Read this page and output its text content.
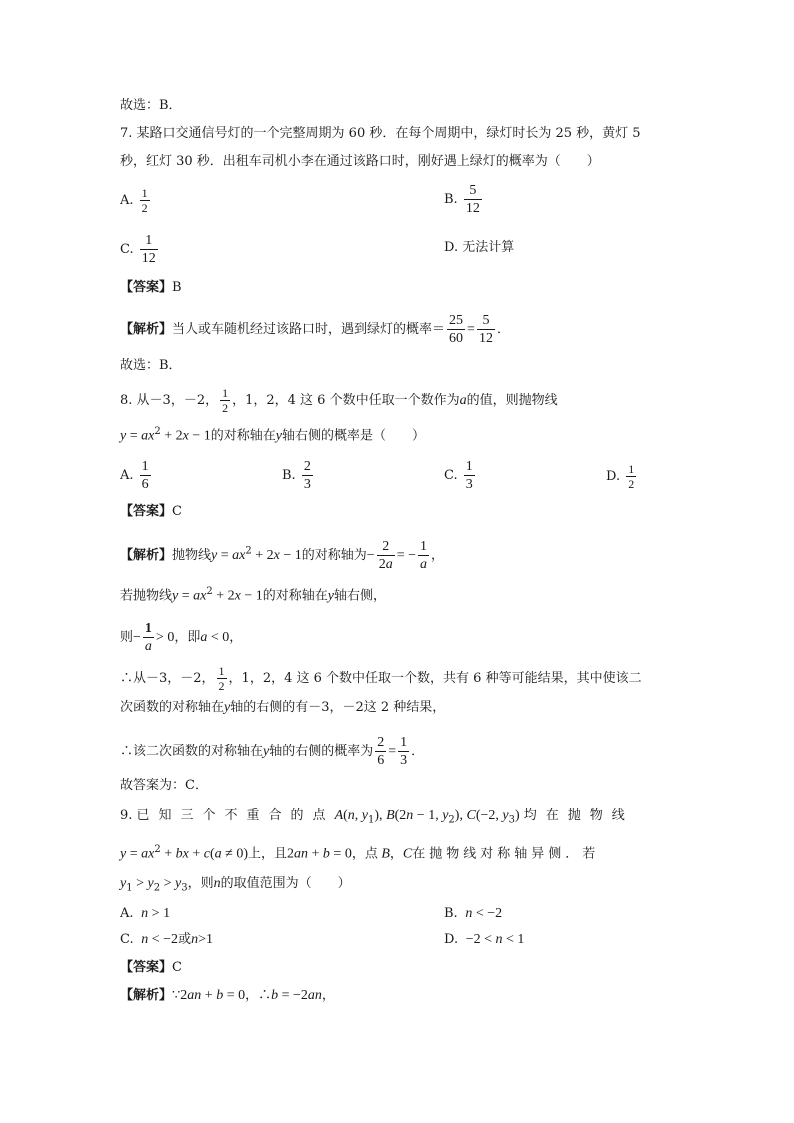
故选：B．
7. 某路口交通信号灯的一个完整周期为 60 秒．在每个周期中，绿灯时长为 25 秒，黄灯 5
秒，红灯 30 秒．出租车司机小李在通过该路口时，刚好遇上绿灯的概率为（　　）
A. $\frac{1}{2}$	B. $\frac{5}{12}$
C. $\frac{1}{12}$	D. 无法计算
【答案】B
【解析】当人或车随机经过该路口时，遇到绿灯的概率＝ $\frac{25}{60} = \frac{5}{12}$ ．
故选：B．
8. 从－3，－2， $\frac{1}{2}$ ，1，2，4 这 6 个数中任取一个数作为a的值，则抛物线
$y = ax^2 + 2x - 1$的对称轴在y轴右侧的概率是（　　）
A. $\frac{1}{6}$	B. $\frac{2}{3}$	C. $\frac{1}{3}$	D. $\frac{1}{2}$
【答案】C
【解析】抛物线$y = ax^2 + 2x - 1$的对称轴为− $\frac{2}{2a}$ = − $\frac{1}{a}$ ，
若抛物线$y = ax^2 + 2x - 1$的对称轴在y轴右侧，
则− $\frac{1}{a} > 0$，即a < 0，
∴从－3，－2， $\frac{1}{2}$ ，1，2，4 这 6 个数中任取一个数，共有 6 种等可能结果，其中使该二
次函数的对称轴在y轴的右侧的有－3，－2这 2 种结果，
∴该二次函数的对称轴在y轴的右侧的概率为 $\frac{2}{6} = \frac{1}{3}$ ．
故答案为：C．
9. 已知三个不重合的点A(n, $y_1$), B(2n − 1, $y_2$), C(−2, $y_3$) 均在抛物线
$y = ax^2$ + bx + c(a ≠ 0)上，且2an + b = 0，点 B，C在抛物线对称轴异侧．若
$y_1 > y_2 > y_3$，则n的取值范围为（　　）
A.  n > 1	B.  n < −2
C.  n < −2或n>1	D.  −2 < n < 1
【答案】C
【解析】∵2an + b = 0，∴b = −2an，
